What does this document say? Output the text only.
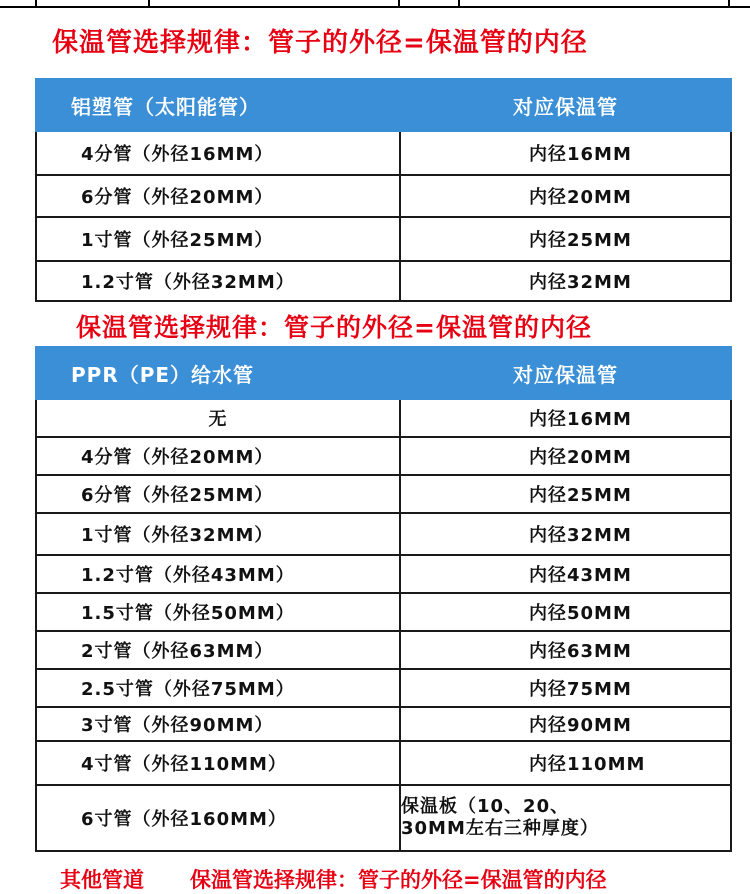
保温管选择规律：管子的外径=保温管的内径
铝塑管（太阳能管）	对应保温管
4分管（外径16MM）	内径16MM
6分管（外径20MM）	内径20MM
1寸管（外径25MM）	内径25MM
1.2寸管（外径32MM）	内径32MM
保温管选择规律：管子的外径=保温管的内径
PPR（PE）给水管	对应保温管
无	内径16MM
4分管（外径20MM）	内径20MM
6分管（外径25MM）	内径25MM
1寸管（外径32MM）	内径32MM
1.2寸管（外径43MM）	内径43MM
1.5寸管（外径50MM）	内径50MM
2寸管（外径63MM）	内径63MM
2.5寸管（外径75MM）	内径75MM
3寸管（外径90MM）	内径90MM
4寸管（外径110MM）	内径110MM
6寸管（外径160MM）	保温板（10、20、
30MM左右三种厚度）
其他管道 保温管选择规律：管子的外径=保温管的内径
